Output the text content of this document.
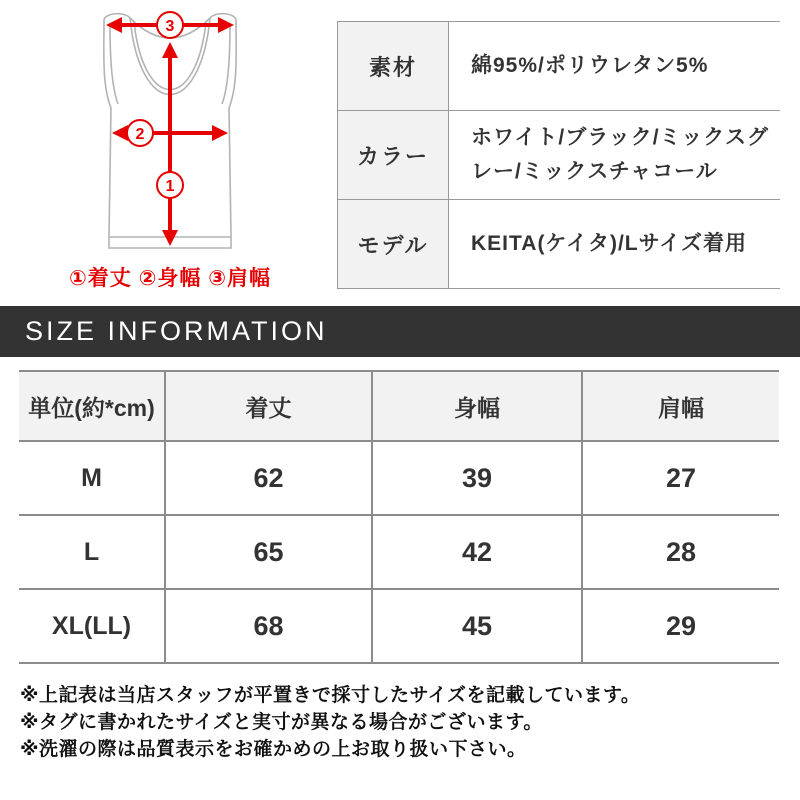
3
2
1
①着丈 ②身幅 ③肩幅
素材	綿95%/ポリウレタン5%
カラー	ホワイト/ブラック/ミックスグレー/ミックスチャコール
モデル	KEITA(ケイタ)/Lサイズ着用
SIZE INFORMATION
単位(約*cm)	着丈	身幅	肩幅
M	62	39	27
L	65	42	28
XL(LL)	68	45	29
※上記表は当店スタッフが平置きで採寸したサイズを記載しています。
※タグに書かれたサイズと実寸が異なる場合がございます。
※洗濯の際は品質表示をお確かめの上お取り扱い下さい。
